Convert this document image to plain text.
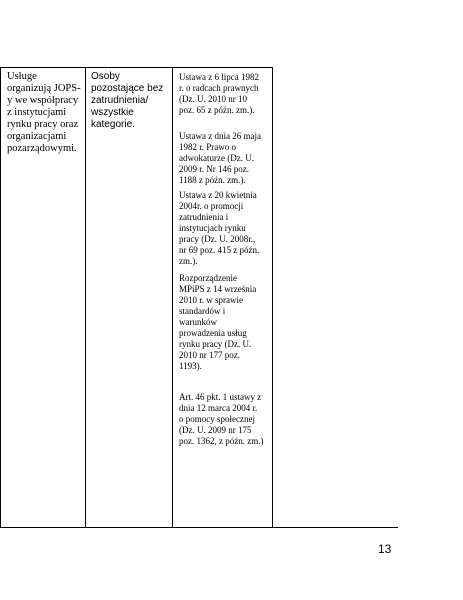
Usługe
organizują JOPS-
y we współpracy
z instytucjami
rynku pracy oraz
organizacjami
pozarządowymi.
Osoby
pozostające bez
zatrudnienia/
wszystkie
kategorie.

Ustawa z 6 lipca 1982
r. o radcach prawnych
(Dz. U. 2010 nr 10
poz. 65 z późn. zm.).

Ustawa z dnia 26 maja
1982 r. Prawo o
adwokaturze (Dz. U.
2009 r. Nr 146 poz.
1188 z późn. zm.).

Ustawa z 20 kwietnia
2004r. o promocji
zatrudnienia i
instytucjach rynku
pracy (Dz. U. 2008r.,
nr 69 poz. 415 z późn.
zm.).

Rozporządzenie
MPiPS z 14 września
2010 r. w sprawie
standardów i
warunków
prowadzenia usług
rynku pracy (Dz. U.
2010 nr 177 poz.
1193).

Art. 46 pkt. 1 ustawy z
dnia 12 marca 2004 r.
o pomocy społecznej
(Dz. U. 2009 nr 175
poz. 1362, z późn. zm.)

13
